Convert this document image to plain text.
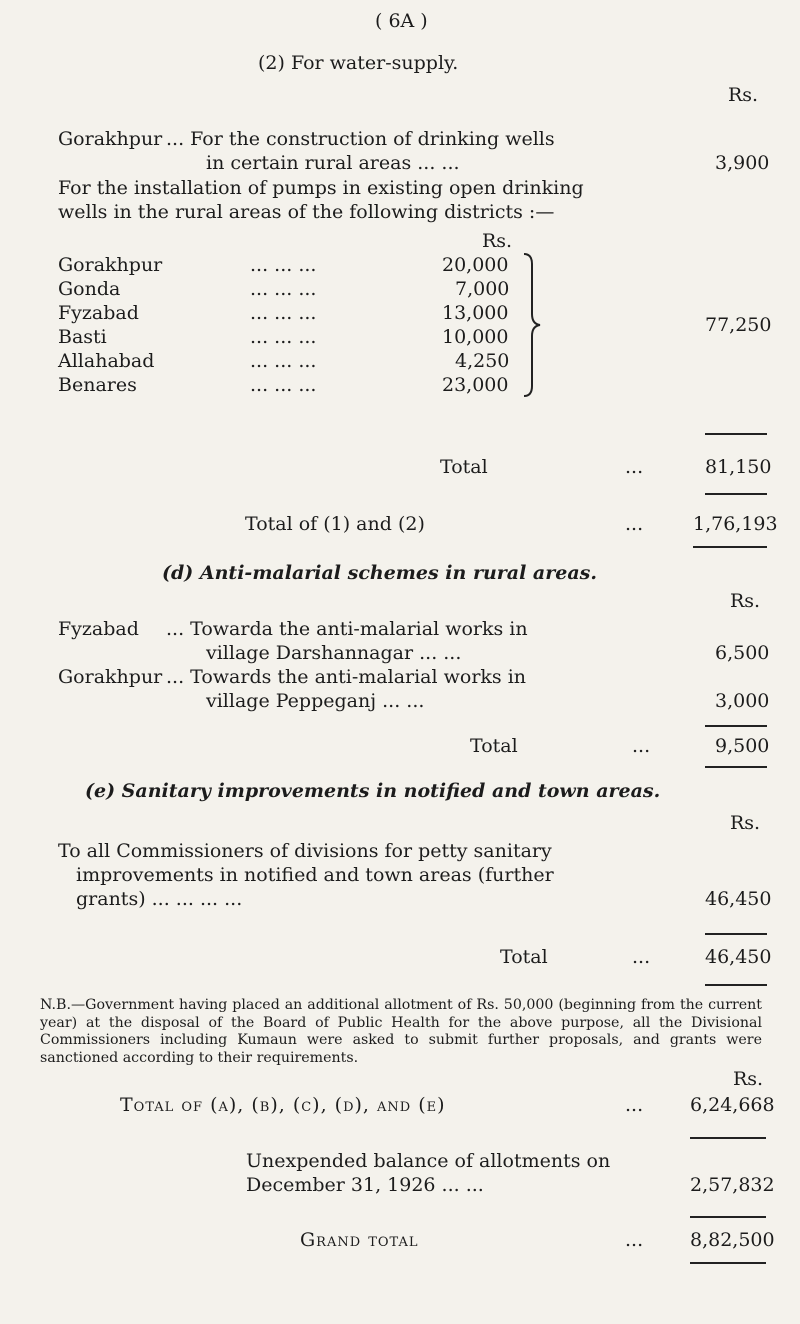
( 6A )
(2) For water-supply.
Rs.
Gorakhpur ... For the construction of drinking wells
in certain rural areas ... ...	3,900
For the installation of pumps in existing open drinking
wells in the rural areas of the following districts :—
Rs.
Gorakhpur	... ... ...	20,000
Gonda	... ... ...	7,000
Fyzabad	... ... ...	13,000
Basti	... ... ...	10,000
Allahabad	... ... ...	4,250
Benares	... ... ...	23,000
77,250
Total	...	81,150
Total of (1) and (2)	...	1,76,193
(d) Anti-malarial schemes in rural areas.
Rs.
Fyzabad ... Towarda the anti-malarial works in
village Darshannagar ... ...	6,500
Gorakhpur ... Towards the anti-malarial works in
village Peppeganj ... ...	3,000
Total	...	9,500
(e) Sanitary improvements in notified and town areas.
Rs.
To all Commissioners of divisions for petty sanitary
improvements in notified and town areas (further
grants) ... ... ... ...	46,450
Total	...	46,450
N.B.—Government having placed an additional allotment of Rs. 50,000 (beginning from the current year) at the disposal of the Board of Public Health for the above purpose, all the Divisional Commissioners including Kumaun were asked to submit further proposals, and grants were sanctioned according to their requirements.
Rs.
Total of (a), (b), (c), (d), and (e)	... 6,24,668
Unexpended balance of allotments on
December 31, 1926 ... ...	2,57,832
Grand total	... 8,82,500
